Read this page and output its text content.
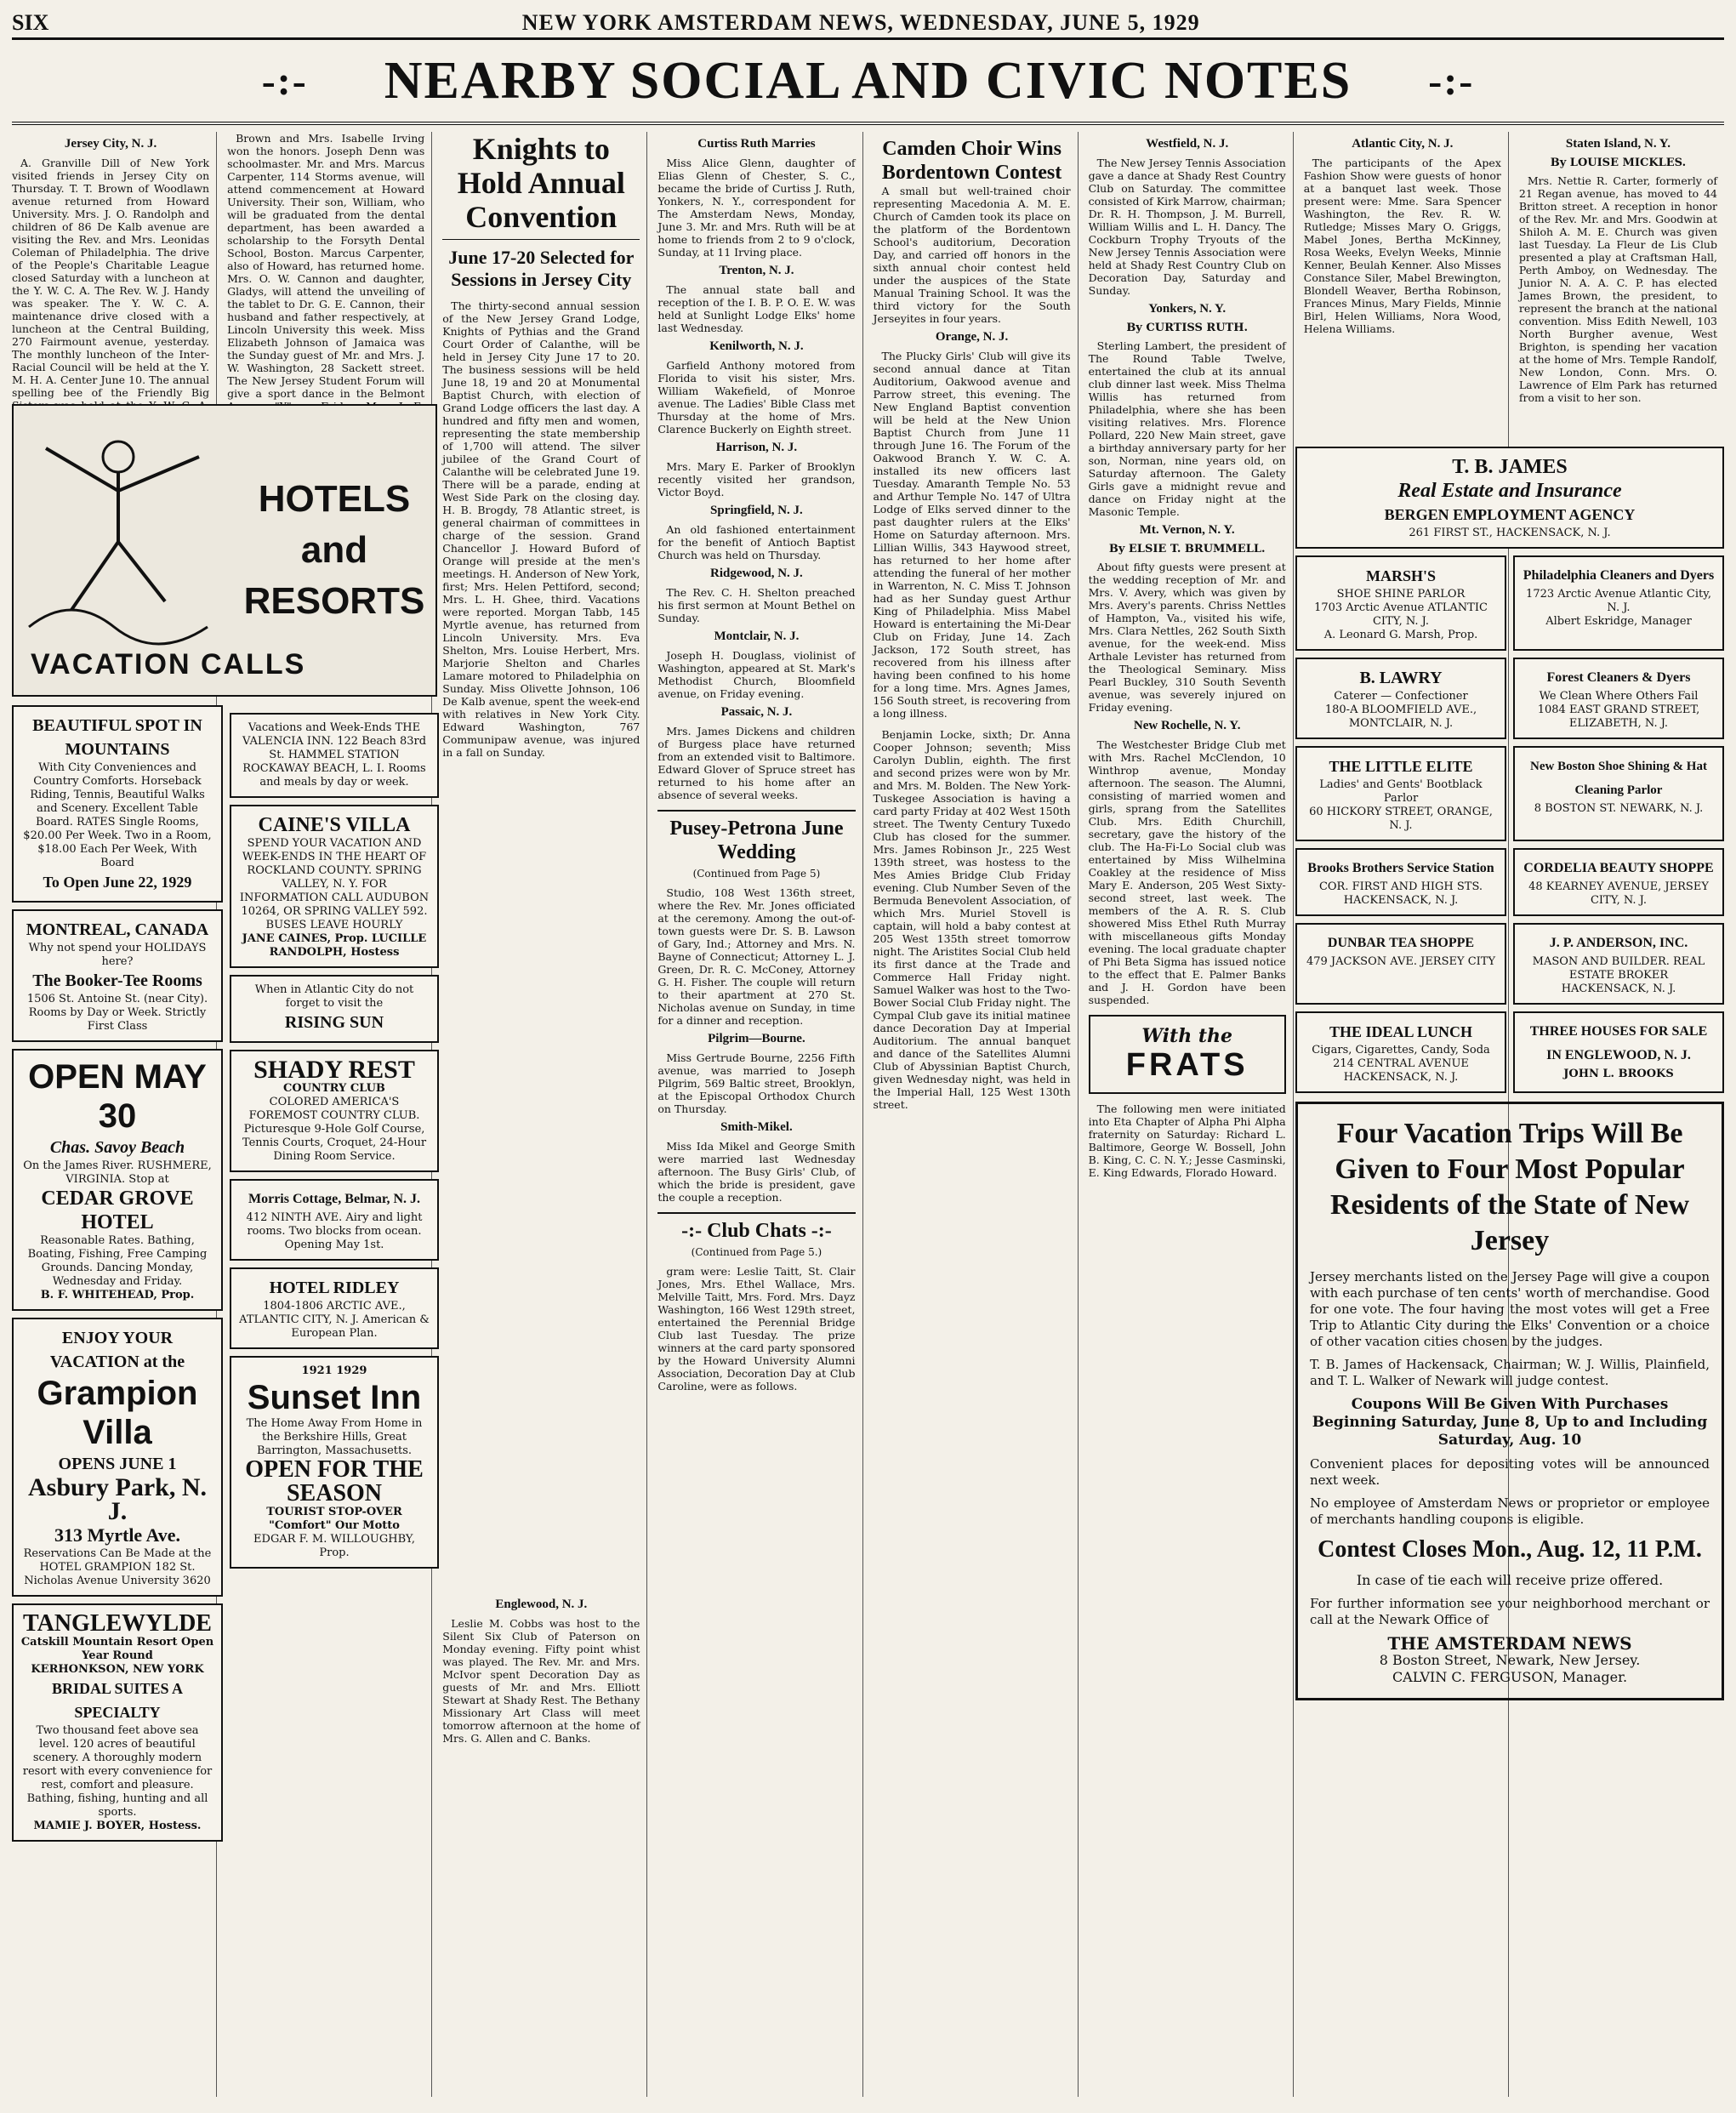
SIX	NEW YORK AMSTERDAM NEWS, WEDNESDAY, JUNE 5, 1929
-:- NEARBY SOCIAL AND CIVIC NOTES -:-
Jersey City, N. J.
A. Granville Dill of New York visited friends in Jersey City on Thursday. T. T. Brown of Woodlawn avenue returned from Howard University. Mrs. J. O. Randolph and children of 86 De Kalb avenue are visiting the Rev. and Mrs. Leonidas Coleman of Philadelphia. The drive of the People's Charitable League closed Saturday with a luncheon at the Y. W. C. A. The Rev. W. J. Handy was speaker. The Y. W. C. A. maintenance drive closed with a luncheon at the Central Building, 270 Fairmount avenue, yesterday. The monthly luncheon of the Inter-Racial Council will be held at the Y. M. H. A. Center June 10. The annual spelling bee of the Friendly Big
Brown and Mrs. Isabelle Irving won the honors. Joseph Denn was schoolmaster. Mr. and Mrs. Marcus Carpenter, 114 Storms avenue, will attend commencement at Howard University. Their son, William, who will be graduated from the dental department, has been awarded a scholarship to the Forsyth Dental School, Boston. Marcus Carpenter, also of Howard, has returned home. Mrs. O. W. Cannon and daughter, Gladys, will attend the unveiling of the tablet to Dr. G. E. Cannon, their husband and father respectively, at Lincoln University this week. Miss Elizabeth Johnson of Jamaica was the Sunday guest of Mr. and Mrs. J. W. Washington, 28 Sackett street. The New Jersey Student Forum will give a sport dance in the Belmont
Knights to Hold Annual Convention
June 17-20 Selected for Sessions in Jersey City
The thirty-second annual session of the New Jersey Grand Lodge, Knights of Pythias and the Grand Court Order of Calanthe, will be held in Jersey City June 17 to 20. The business sessions will be held June 18, 19 and 20 at Monumental Baptist Church, with election of Grand Lodge officers the last day. A hundred and fifty men and women, representing the state membership of 1,700 will attend. The silver jubilee of the Grand Court of Calanthe will be celebrated June 19. There will be a parade, ending at West Side Park on the closing day. H. B. Brogdy, 78 Atlantic street, is general chairman of committees in charge of the session. Grand Chancellor J. Howard Buford of Orange will preside at the men's meetings. H. Anderson of New York, first; Mrs. Helen Pettiford, second; Mrs. L. H. Ghee, third. Vacations were reported. Morgan Tabb, 145 Myrtle avenue, has returned from Lincoln University. Mrs. Eva Shelton, Mrs. Louise Herbert, Mrs. Marjorie Shelton and Charles Lamare motored to Philadelphia on Sunday. Miss Olivette Johnson, 106 De Kalb avenue, spent the week-end with relatives in New York City. Edward Washington, 767 Communipaw avenue, was injured in a fall on Sunday.
Englewood, N. J.
Leslie M. Cobbs was host to the Silent Six Club of Paterson on Monday evening. Fifty point whist was played. The Rev. Mr. and Mrs. McIvor spent Decoration Day as guests of Mr. and Mrs. Elliott Stewart at Shady Rest. The Bethany Missionary Art Class will meet tomorrow afternoon at the home of Mrs. G. Allen and C. Banks.
Curtiss Ruth Marries
Miss Alice Glenn, daughter of Elias Glenn of Chester, S. C., became the bride of Curtiss J. Ruth, Yonkers, N. Y., correspondent for The Amsterdam News, Monday, June 3. Mr. and Mrs. Ruth will be at home to friends from 2 to 9 o'clock, Sunday, at 11 Irving place.
Trenton, N. J.
The annual state ball and reception of the I. B. P. O. E. W. was held at Sunlight Lodge Elks' home last Wednesday.
Kenilworth, N. J.
Garfield Anthony motored from Florida to visit his sister, Mrs. William Wakefield, of Monroe avenue. The Ladies' Bible Class met Thursday at the home of Mrs. Clarence Buckerly on Eighth street.
Harrison, N. J.
Mrs. Mary E. Parker of Brooklyn recently visited her grandson, Victor Boyd.
Springfield, N. J.
An old fashioned entertainment for the benefit of Antioch Baptist Church was held on Thursday.
Ridgewood, N. J.
The Rev. C. H. Shelton preached his first sermon at Mount Bethel on Sunday.
Montclair, N. J.
Joseph H. Douglass, violinist of Washington, appeared at St. Mark's Methodist Church, Bloomfield avenue, on Friday evening.
Passaic, N. J.
Mrs. James Dickens and children of Burgess place have returned from an extended visit to Baltimore. Edward Glover of Spruce street has returned to his home after an absence of several weeks.
Pusey-Petrona June Wedding
(Continued from Page 5)
Studio, 108 West 136th street, where the Rev. Mr. Jones officiated at the ceremony. Among the out-of-town guests were Dr. S. B. Lawson of Gary, Ind.; Attorney and Mrs. N. Bayne of Connecticut; Attorney L. J. Green, Dr. R. C. McConey, Attorney G. H. Fisher. The couple will return to their apartment at 270 St. Nicholas avenue on Sunday, in time for a dinner and reception.
Pilgrim—Bourne.
Miss Gertrude Bourne, 2256 Fifth avenue, was married to Joseph Pilgrim, 569 Baltic street, Brooklyn, at the Episcopal Orthodox Church on Thursday.
Smith-Mikel.
Miss Ida Mikel and George Smith were married last Wednesday afternoon. The Busy Girls' Club, of which the bride is president, gave the couple a reception.
-:- Club Chats -:-
(Continued from Page 5.)
gram were: Leslie Taitt, St. Clair Jones, Mrs. Ethel Wallace, Mrs. Melville Taitt, Mrs. Ford. Mrs. Dayz Washington, 166 West 129th street, entertained the Perennial Bridge Club last Tuesday. The prize winners at the card party sponsored by the Howard University Alumni Association, Decoration Day at Club Caroline, were as follows.
Camden Choir Wins Bordentown Contest
A small but well-trained choir representing Macedonia A. M. E. Church of Camden took its place on the platform of the Bordentown School's auditorium, Decoration Day, and carried off honors in the sixth annual choir contest held under the auspices of the State Manual Training School. It was the third victory for the South Jerseyites in four years.
Orange, N. J.
The Plucky Girls' Club will give its second annual dance at Titan Auditorium, Oakwood avenue and Parrow street, this evening. The New England Baptist convention will be held at the New Union Baptist Church from June 11 through June 16. The Forum of the Oakwood Branch Y. W. C. A. installed its new officers last Tuesday. Amaranth Temple No. 53 and Arthur Temple No. 147 of Ultra Lodge of Elks served dinner to the past daughter rulers at the Elks' Home on Saturday afternoon. Mrs. Lillian Willis, 343 Haywood street, has returned to her home after attending the funeral of her mother in Warrenton, N. C. Miss T. Johnson had as her Sunday guest Arthur King of Philadelphia. Miss Mabel Howard is entertaining the Mi-Dear Club on Friday, June 14. Zach Jackson, 172 South street, has recovered from his illness after having been confined to his home for a long time. Mrs. Agnes James, 156 South street, is recovering from a long illness.
Benjamin Locke, sixth; Dr. Anna Cooper Johnson; seventh; Miss Carolyn Dublin, eighth. The first and second prizes were won by Mr. and Mrs. M. Bolden. The New York-Tuskegee Association is having a card party Friday at 402 West 150th street. The Twenty Century Tuxedo Club has closed for the summer. Mrs. James Robinson Jr., 225 West 139th street, was hostess to the Mes Amies Bridge Club Friday evening. Club Number Seven of the Bermuda Benevolent Association, of which Mrs. Muriel Stovell is captain, will hold a baby contest at 205 West 135th street tomorrow night. The Aristites Social Club held its first dance at the Trade and Commerce Hall Friday night. Samuel Walker was host to the Two-Bower Social Club Friday night. The Cympal Club gave its initial matinee dance Decoration Day at Imperial Auditorium. The annual banquet and dance of the Satellites Alumni Club of Abyssinian Baptist Church, given Wednesday night, was held in the Imperial Hall, 125 West 130th street.
Westfield, N. J.
The New Jersey Tennis Association gave a dance at Shady Rest Country Club on Saturday. The committee consisted of Kirk Marrow, chairman; Dr. R. H. Thompson, J. M. Burrell, William Willis and L. H. Dancy. The Cockburn Trophy Tryouts of the New Jersey Tennis Association were held at Shady Rest Country Club on Decoration Day, Saturday and Sunday.
Yonkers, N. Y.
By CURTISS RUTH.
Sterling Lambert, the president of The Round Table Twelve, entertained the club at its annual club dinner last week. Miss Thelma Willis has returned from Philadelphia, where she has been visiting relatives. Mrs. Florence Pollard, 220 New Main street, gave a birthday anniversary party for her son, Norman, nine years old, on Saturday afternoon. The Galety Girls gave a midnight revue and dance on Friday night at the Masonic Temple.
Mt. Vernon, N. Y.
By ELSIE T. BRUMMELL.
About fifty guests were present at the wedding reception of Mr. and Mrs. V. Avery, which was given by Mrs. Avery's parents. Chriss Nettles of Hampton, Va., visited his wife, Mrs. Clara Nettles, 262 South Sixth avenue, for the week-end. Miss Arthale Levister has returned from the Theological Seminary. Miss Pearl Buckley, 310 South Seventh avenue, was severely injured on Friday evening.
New Rochelle, N. Y.
The Westchester Bridge Club met with Mrs. Rachel McClendon, 10 Winthrop avenue, Monday afternoon. The season. The Alumni, consisting of married women and girls, sprang from the Satellites Club. Mrs. Edith Churchill, secretary, gave the history of the club. The Ha-Fi-Lo Social club was entertained by Miss Wilhelmina Coakley at the residence of Miss Mary E. Anderson, 205 West Sixty-second street, last week. The members of the A. R. S. Club showered Miss Ethel Ruth Murray with miscellaneous gifts Monday evening. The local graduate chapter of Phi Beta Sigma has issued notice to the effect that E. Palmer Banks and J. H. Gordon have been suspended.
With the
FRATS
The following men were initiated into Eta Chapter of Alpha Phi Alpha fraternity on Saturday: Richard L. Baltimore, George W. Bossell, John B. King, C. C. N. Y.; Jesse Casminski, E. King Edwards, Florado Howard.
Atlantic City, N. J.
The participants of the Apex Fashion Show were guests of honor at a banquet last week. Those present were: Mme. Sara Spencer Washington, the Rev. R. W. Rutledge; Misses Mary O. Griggs, Mabel Jones, Bertha McKinney, Rosa Weeks, Evelyn Weeks, Minnie Kenner, Beulah Kenner. Also Misses Constance Siler, Mabel Brewington, Blondell Weaver, Bertha Robinson, Frances Minus, Mary Fields, Minnie Birl, Helen Williams, Nora Wood, Helena Williams.
Staten Island, N. Y.
By LOUISE MICKLES.
Mrs. Nettie R. Carter, formerly of 21 Regan avenue, has moved to 44 Britton street. A reception in honor of the Rev. Mr. and Mrs. Goodwin at Shiloh A. M. E. Church was given last Tuesday. La Fleur de Lis Club presented a play at Craftsman Hall, Perth Amboy, on Wednesday. The Junior N. A. A. C. P. has elected James Brown, the president, to represent the branch at the national convention. Miss Edith Newell, 103 North Burgher avenue, West Brighton, is spending her vacation at the home of Mrs. Temple Randolf, New London, Conn. Mrs. O. Lawrence of Elm Park has returned from a visit to her son.
VACATION CALLS
HOTELS
and
RESORTS
BEAUTIFUL SPOT IN MOUNTAINS
With City Conveniences and Country Comforts. Horseback Riding, Tennis, Beautiful Walks and Scenery. Excellent Table Board. RATES Single Rooms, $20.00 Per Week. Two in a Room, $18.00 Each Per Week, With Board
To Open June 22, 1929
MONTREAL, CANADA
Why not spend your HOLIDAYS here?
The Booker-Tee Rooms
1506 St. Antoine St. (near City). Rooms by Day or Week. Strictly First Class
OPEN MAY 30
Chas. Savoy Beach
On the James River. RUSHMERE, VIRGINIA. Stop at
CEDAR GROVE HOTEL
Reasonable Rates. Bathing, Boating, Fishing, Free Camping Grounds. Dancing Monday, Wednesday and Friday.
B. F. WHITEHEAD, Prop.
ENJOY YOUR VACATION at the
Grampion Villa
OPENS JUNE 1
Asbury Park, N. J.
313 Myrtle Ave.
Reservations Can Be Made at the HOTEL GRAMPION 182 St. Nicholas Avenue University 3620
TANGLEWYLDE
Catskill Mountain Resort Open Year Round
KERHONKSON, NEW YORK
BRIDAL SUITES A SPECIALTY
Two thousand feet above sea level. 120 acres of beautiful scenery. A thoroughly modern resort with every convenience for rest, comfort and pleasure. Bathing, fishing, hunting and all sports.
MAMIE J. BOYER, Hostess.
Vacations and Week-Ends THE VALENCIA INN. 122 Beach 83rd St. HAMMEL STATION ROCKAWAY BEACH, L. I. Rooms and meals by day or week.
CAINE'S VILLA
SPEND YOUR VACATION AND WEEK-ENDS IN THE HEART OF ROCKLAND COUNTY. SPRING VALLEY, N. Y. FOR INFORMATION CALL AUDUBON 10264, OR SPRING VALLEY 592. BUSES LEAVE HOURLY
JANE CAINES, Prop. LUCILLE RANDOLPH, Hostess
When in Atlantic City do not forget to visit the
RISING SUN
SHADY REST
COUNTRY CLUB
COLORED AMERICA'S FOREMOST COUNTRY CLUB. Picturesque 9-Hole Golf Course, Tennis Courts, Croquet, 24-Hour Dining Room Service.
Morris Cottage, Belmar, N. J.
412 NINTH AVE. Airy and light rooms. Two blocks from ocean. Opening May 1st.
HOTEL RIDLEY
1804-1806 ARCTIC AVE., ATLANTIC CITY, N. J. American & European Plan.
1921 1929
Sunset Inn
The Home Away From Home in the Berkshire Hills, Great Barrington, Massachusetts.
OPEN FOR THE SEASON
TOURIST STOP-OVER "Comfort" Our Motto
EDGAR F. M. WILLOUGHBY, Prop.
T. B. JAMES
Real Estate and Insurance
BERGEN EMPLOYMENT AGENCY
261 FIRST ST., HACKENSACK, N. J.
MARSH'S
SHOE SHINE PARLOR
1703 Arctic Avenue ATLANTIC CITY, N. J.
A. Leonard G. Marsh, Prop.
Philadelphia Cleaners and Dyers
1723 Arctic Avenue Atlantic City, N. J.
Albert Eskridge, Manager
B. LAWRY
Caterer — Confectioner
180-A BLOOMFIELD AVE., MONTCLAIR, N. J.
Forest Cleaners & Dyers
We Clean Where Others Fail
1084 EAST GRAND STREET, ELIZABETH, N. J.
THE LITTLE ELITE
Ladies' and Gents' Bootblack Parlor
60 HICKORY STREET, ORANGE, N. J.
New Boston Shoe Shining & Hat Cleaning Parlor
8 BOSTON ST. NEWARK, N. J.
Brooks Brothers Service Station
COR. FIRST AND HIGH STS. HACKENSACK, N. J.
CORDELIA BEAUTY SHOPPE
48 KEARNEY AVENUE, JERSEY CITY, N. J.
DUNBAR TEA SHOPPE
479 JACKSON AVE. JERSEY CITY
J. P. ANDERSON, INC.
MASON AND BUILDER. REAL ESTATE BROKER
HACKENSACK, N. J.
THE IDEAL LUNCH
Cigars, Cigarettes, Candy, Soda
214 CENTRAL AVENUE HACKENSACK, N. J.
THREE HOUSES FOR SALE IN ENGLEWOOD, N. J.
JOHN L. BROOKS
Four Vacation Trips Will Be Given to Four Most Popular Residents of the State of New Jersey
Jersey merchants listed on the Jersey Page will give a coupon with each purchase of ten cents' worth of merchandise. Good for one vote. The four having the most votes will get a Free Trip to Atlantic City during the Elks' Convention or a choice of other vacation cities chosen by the judges.
T. B. James of Hackensack, Chairman; W. J. Willis, Plainfield, and T. L. Walker of Newark will judge contest.
Coupons Will Be Given With Purchases Beginning Saturday, June 8, Up to and Including Saturday, Aug. 10
Convenient places for depositing votes will be announced next week.
No employee of Amsterdam News or proprietor or employee of merchants handling coupons is eligible.
Contest Closes Mon., Aug. 12, 11 P.M.
In case of tie each will receive prize offered.
For further information see your neighborhood merchant or call at the Newark Office of
THE AMSTERDAM NEWS
8 Boston Street, Newark, New Jersey.
CALVIN C. FERGUSON, Manager.
